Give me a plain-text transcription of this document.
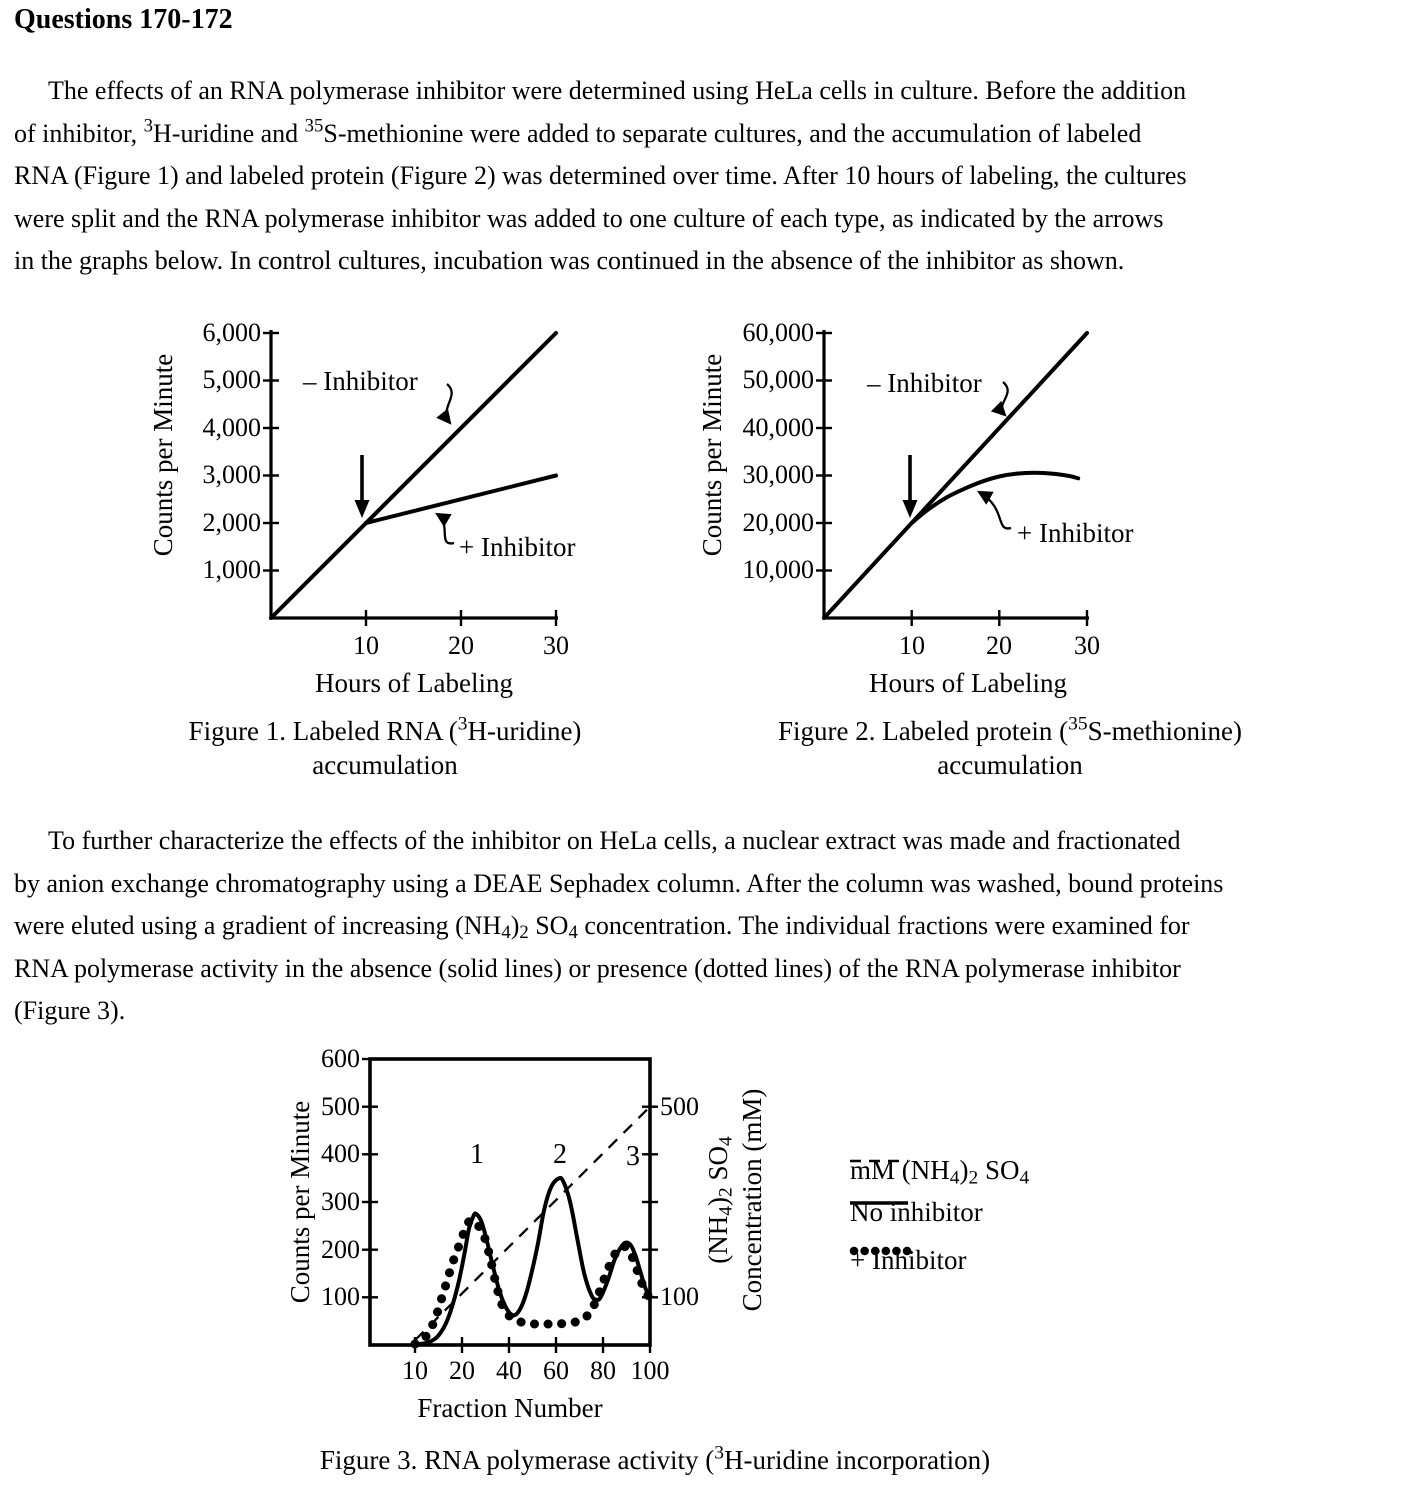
Questions 170-172
The effects of an RNA polymerase inhibitor were determined using HeLa cells in culture. Before the addition
of inhibitor, $^3$H-uridine and $^{35}$S-methionine were added to separate cultures, and the accumulation of labeled
RNA (Figure 1) and labeled protein (Figure 2) was determined over time. After 10 hours of labeling, the cultures
were split and the RNA polymerase inhibitor was added to one culture of each type, as indicated by the arrows
in the graphs below. In control cultures, incubation was continued in the absence of the inhibitor as shown.
Counts per Minute
6,000
5,000
4,000
3,000
2,000
1,000
10	20	30
Hours of Labeling
– Inhibitor
+ Inhibitor
Figure 1. Labeled RNA ($^3$H-uridine)
accumulation
Counts per Minute
60,000
50,000
40,000
30,000
20,000
10,000
10	20	30
Hours of Labeling
– Inhibitor
+ Inhibitor
Figure 2. Labeled protein ($^{35}$S-methionine)
accumulation
To further characterize the effects of the inhibitor on HeLa cells, a nuclear extract was made and fractionated
by anion exchange chromatography using a DEAE Sephadex column. After the column was washed, bound proteins
were eluted using a gradient of increasing $(NH_4)_2$ $SO_4$ concentration. The individual fractions were examined for
RNA polymerase activity in the absence (solid lines) or presence (dotted lines) of the RNA polymerase inhibitor
(Figure 3).
Counts per Minute
600
500
400
300
200
100
500
100
10 20 40 60 80 100
Fraction Number
$(NH_4)_2$ $SO_4$ Concentration (mM)
1 2 3	mM $(NH_4)_2$ $SO_4$
No inhibitor
+ Inhibitor
Figure 3. RNA polymerase activity ($^3$H-uridine incorporation)
